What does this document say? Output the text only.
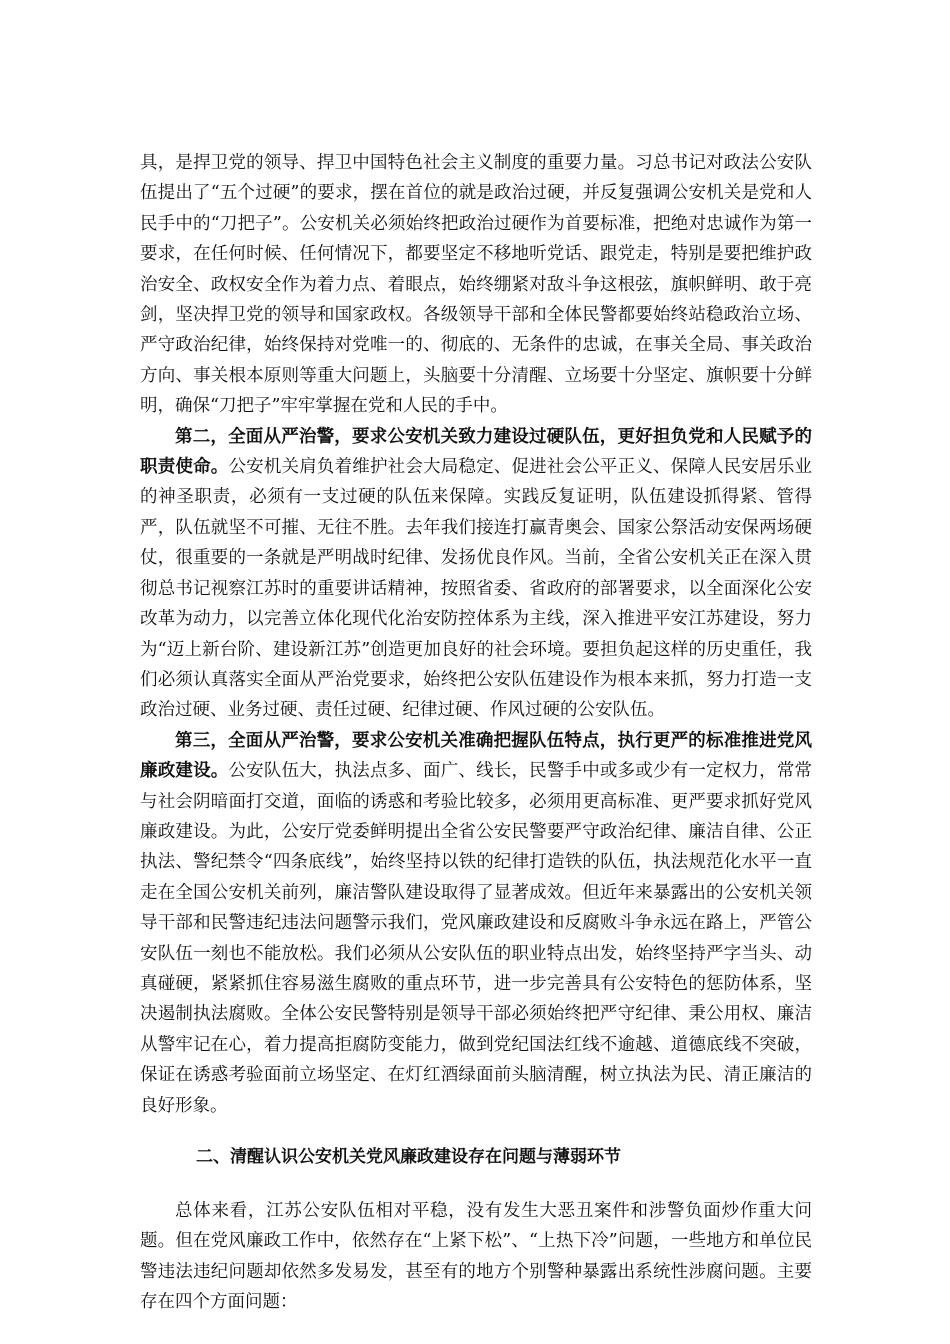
具，是捍卫党的领导、捍卫中国特色社会主义制度的重要力量。习总书记对政法公安队伍提出了“五个过硬”的要求，摆在首位的就是政治过硬，并反复强调公安机关是党和人民手中的“刀把子”。公安机关必须始终把政治过硬作为首要标准，把绝对忠诚作为第一要求，在任何时候、任何情况下，都要坚定不移地听党话、跟党走，特别是要把维护政治安全、政权安全作为着力点、着眼点，始终绷紧对敌斗争这根弦，旗帜鲜明、敢于亮剑，坚决捍卫党的领导和国家政权。各级领导干部和全体民警都要始终站稳政治立场、严守政治纪律，始终保持对党唯一的、彻底的、无条件的忠诚，在事关全局、事关政治方向、事关根本原则等重大问题上，头脑要十分清醒、立场要十分坚定、旗帜要十分鲜明，确保“刀把子”牢牢掌握在党和人民的手中。

第二，全面从严治警，要求公安机关致力建设过硬队伍，更好担负党和人民赋予的职责使命。公安机关肩负着维护社会大局稳定、促进社会公平正义、保障人民安居乐业的神圣职责，必须有一支过硬的队伍来保障。实践反复证明，队伍建设抓得紧、管得严，队伍就坚不可摧、无往不胜。去年我们接连打赢青奥会、国家公祭活动安保两场硬仗，很重要的一条就是严明战时纪律、发扬优良作风。当前，全省公安机关正在深入贯彻总书记视察江苏时的重要讲话精神，按照省委、省政府的部署要求，以全面深化公安改革为动力，以完善立体化现代化治安防控体系为主线，深入推进平安江苏建设，努力为“迈上新台阶、建设新江苏”创造更加良好的社会环境。要担负起这样的历史重任，我们必须认真落实全面从严治党要求，始终把公安队伍建设作为根本来抓，努力打造一支政治过硬、业务过硬、责任过硬、纪律过硬、作风过硬的公安队伍。

第三，全面从严治警，要求公安机关准确把握队伍特点，执行更严的标准推进党风廉政建设。公安队伍大，执法点多、面广、线长，民警手中或多或少有一定权力，常常与社会阴暗面打交道，面临的诱惑和考验比较多，必须用更高标准、更严要求抓好党风廉政建设。为此，公安厅党委鲜明提出全省公安民警要严守政治纪律、廉洁自律、公正执法、警纪禁令“四条底线”，始终坚持以铁的纪律打造铁的队伍，执法规范化水平一直走在全国公安机关前列，廉洁警队建设取得了显著成效。但近年来暴露出的公安机关领导干部和民警违纪违法问题警示我们，党风廉政建设和反腐败斗争永远在路上，严管公安队伍一刻也不能放松。我们必须从公安队伍的职业特点出发，始终坚持严字当头、动真碰硬，紧紧抓住容易滋生腐败的重点环节，进一步完善具有公安特色的惩防体系，坚决遏制执法腐败。全体公安民警特别是领导干部必须始终把严守纪律、秉公用权、廉洁从警牢记在心，着力提高拒腐防变能力，做到党纪国法红线不逾越、道德底线不突破，保证在诱惑考验面前立场坚定、在灯红酒绿面前头脑清醒，树立执法为民、清正廉洁的良好形象。

二、清醒认识公安机关党风廉政建设存在问题与薄弱环节

总体来看，江苏公安队伍相对平稳，没有发生大恶丑案件和涉警负面炒作重大问题。但在党风廉政工作中，依然存在“上紧下松”、“上热下冷”问题，一些地方和单位民警违法违纪问题却依然多发易发，甚至有的地方个别警种暴露出系统性涉腐问题。主要存在四个方面问题：
